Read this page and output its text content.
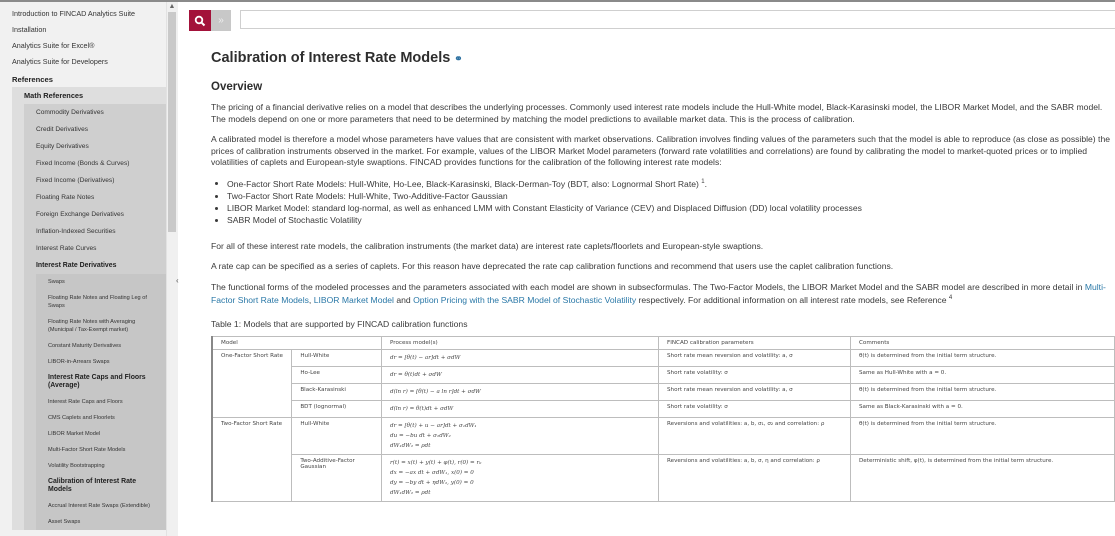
Introduction to FINCAD Analytics Suite
Installation
Analytics Suite for Excel®
Analytics Suite for Developers
References
Math References
Commodity Derivatives
Credit Derivatives
Equity Derivatives
Fixed Income (Bonds & Curves)
Fixed Income (Derivatives)
Floating Rate Notes
Foreign Exchange Derivatives
Inflation-Indexed Securities
Interest Rate Curves
Interest Rate Derivatives
Swaps
Floating Rate Notes and Floating Leg of Swaps
Floating Rate Notes with Averaging (Municipal / Tax-Exempt market)
Constant Maturity Derivatives
LIBOR-in-Arrears Swaps
Interest Rate Caps and Floors (Average)
Interest Rate Caps and Floors
CMS Caplets and Floorlets
LIBOR Market Model
Multi-Factor Short Rate Models
Volatility Bootstrapping
Calibration of Interest Rate Models
Accrual Interest Rate Swaps (Extendible)
Asset Swaps
▲
‹
»
Calibration of Interest Rate Models ⚭
Overview

The pricing of a financial derivative relies on a model that describes the underlying processes. Commonly used interest rate models include the Hull-White model, Black-Karasinski model, the LIBOR Market Model, and the SABR model. The models depend on one or more parameters that need to be determined by matching the model predictions to available market data. This is the process of calibration.

A calibrated model is therefore a model whose parameters have values that are consistent with market observations. Calibration involves finding values of the parameters such that the model is able to reproduce (as close as possible) the prices of calibration instruments observed in the market. For example, values of the LIBOR Market Model parameters (forward rate volatilities and correlations) are found by calibrating the model to market-quoted prices or to implied volatilities of caplets and European-style swaptions. FINCAD provides functions for the calibration of the following interest rate models:

• One-Factor Short Rate Models: Hull-White, Ho-Lee, Black-Karasinski, Black-Derman-Toy (BDT, also: Lognormal Short Rate) $^1$.
• Two-Factor Short Rate Models: Hull-White, Two-Additive-Factor Gaussian
• LIBOR Market Model: standard log-normal, as well as enhanced LMM with Constant Elasticity of Variance (CEV) and Displaced Diffusion (DD) local volatility processes
• SABR Model of Stochastic Volatility

For all of these interest rate models, the calibration instruments (the market data) are interest rate caplets/floorlets and European-style swaptions.

A rate cap can be specified as a series of caplets. For this reason have deprecated the rate cap calibration functions and recommend that users use the caplet calibration functions.

The functional forms of the modeled processes and the parameters associated with each model are shown in subsecformulas. The Two-Factor Models, the LIBOR Market Model and the SABR model are described in more detail in Multi-Factor Short Rate Models, LIBOR Market Model and Option Pricing with the SABR Model of Stochastic Volatility respectively. For additional information on all interest rate models, see Reference $^4$

Table 1: Models that are supported by FINCAD calibration functions
Model		Process model(s)	FINCAD calibration parameters	Comments
One-Factor Short Rate	Hull-White	dr = [θ(t) − ar]dt + σdW	Short rate mean reversion and volatility: a, σ	θ(t) is determined from the initial term structure.
	Ho-Lee	dr = θ(t)dt + σdW	Short rate volatility: σ	Same as Hull-White with a = 0.
	Black-Karasinski	d(ln r) = [θ(t) − a ln r]dt + σdW	Short rate mean reversion and volatility: a, σ	θ(t) is determined from the initial term structure.
	BDT (lognormal)	d(ln r) = θ(t)dt + σdW	Short rate volatility: σ	Same as Black-Karasinski with a = 0.
Two-Factor Short Rate	Hull-White	dr = [θ(t) + u − ar]dt + σ₁dW₁
du = −bu dt + σ₂dW₂
dW₁dW₂ = ρdt	Reversions and volatilities: a, b, σ₁, σ₂ and correlation: ρ	θ(t) is determined from the initial term structure.
	Two-Additive-Factor Gaussian	r(t) = x(t) + y(t) + φ(t), r(0) = r₀
dx = −ax dt + σdW₁, x(0) = 0
dy = −by dt + ηdW₂, y(0) = 0
dW₁dW₂ = ρdt	Reversions and volatilities: a, b, σ, η and correlation: ρ	Deterministic shift, φ(t), is determined from the initial term structure.
